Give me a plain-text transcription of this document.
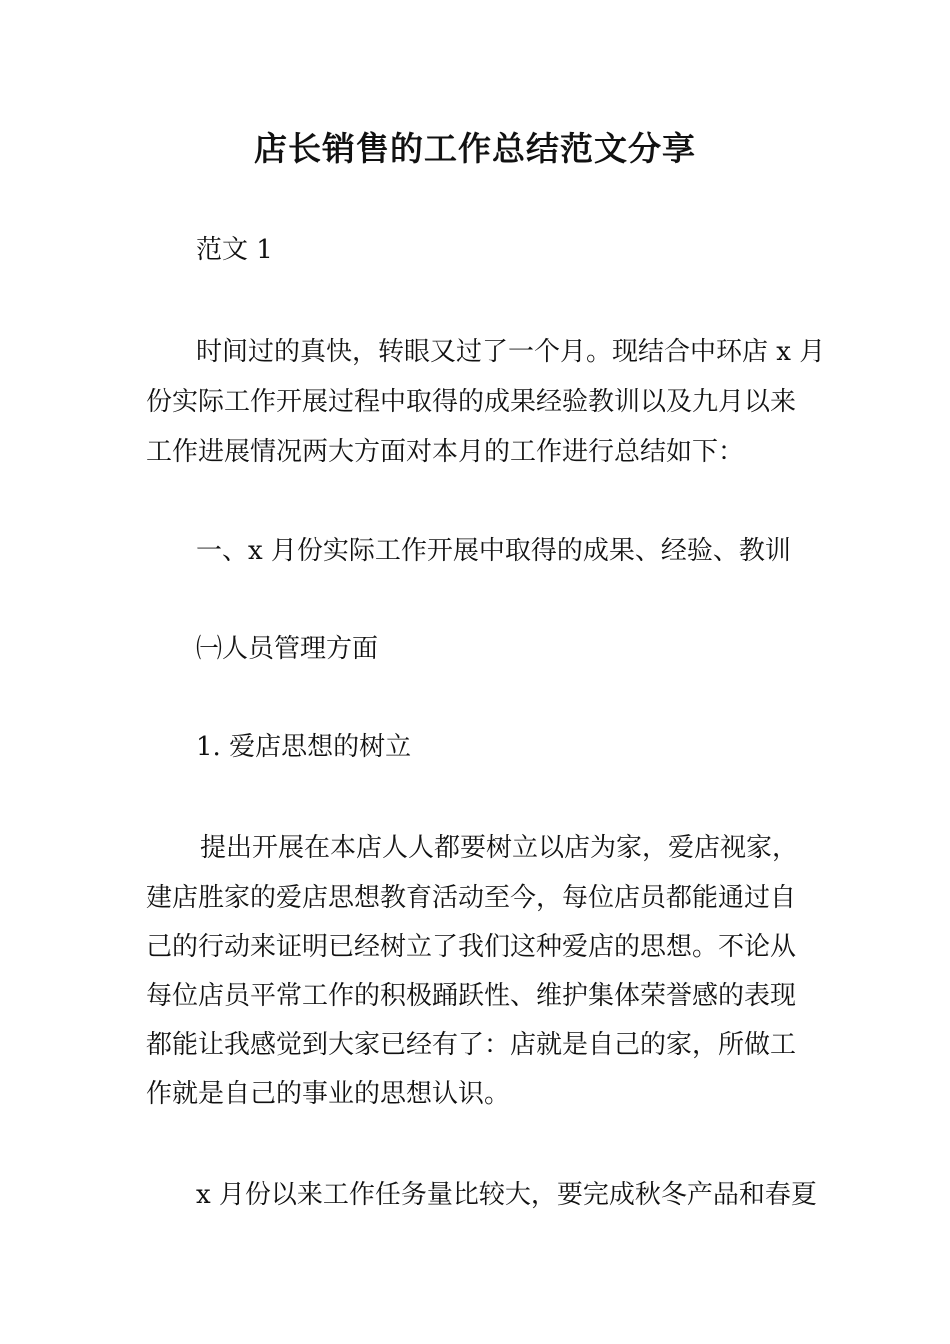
店长销售的工作总结范文分享
范文 1
时间过的真快，转眼又过了一个月。现结合中环店 x 月
份实际工作开展过程中取得的成果经验教训以及九月以来
工作进展情况两大方面对本月的工作进行总结如下：
一、x 月份实际工作开展中取得的成果、经验、教训
㈠人员管理方面
1. 爱店思想的树立
提出开展在本店人人都要树立以店为家，爱店视家，
建店胜家的爱店思想教育活动至今，每位店员都能通过自
己的行动来证明已经树立了我们这种爱店的思想。不论从
每位店员平常工作的积极踊跃性、维护集体荣誉感的表现
都能让我感觉到大家已经有了：店就是自己的家，所做工
作就是自己的事业的思想认识。
x 月份以来工作任务量比较大，要完成秋冬产品和春夏
